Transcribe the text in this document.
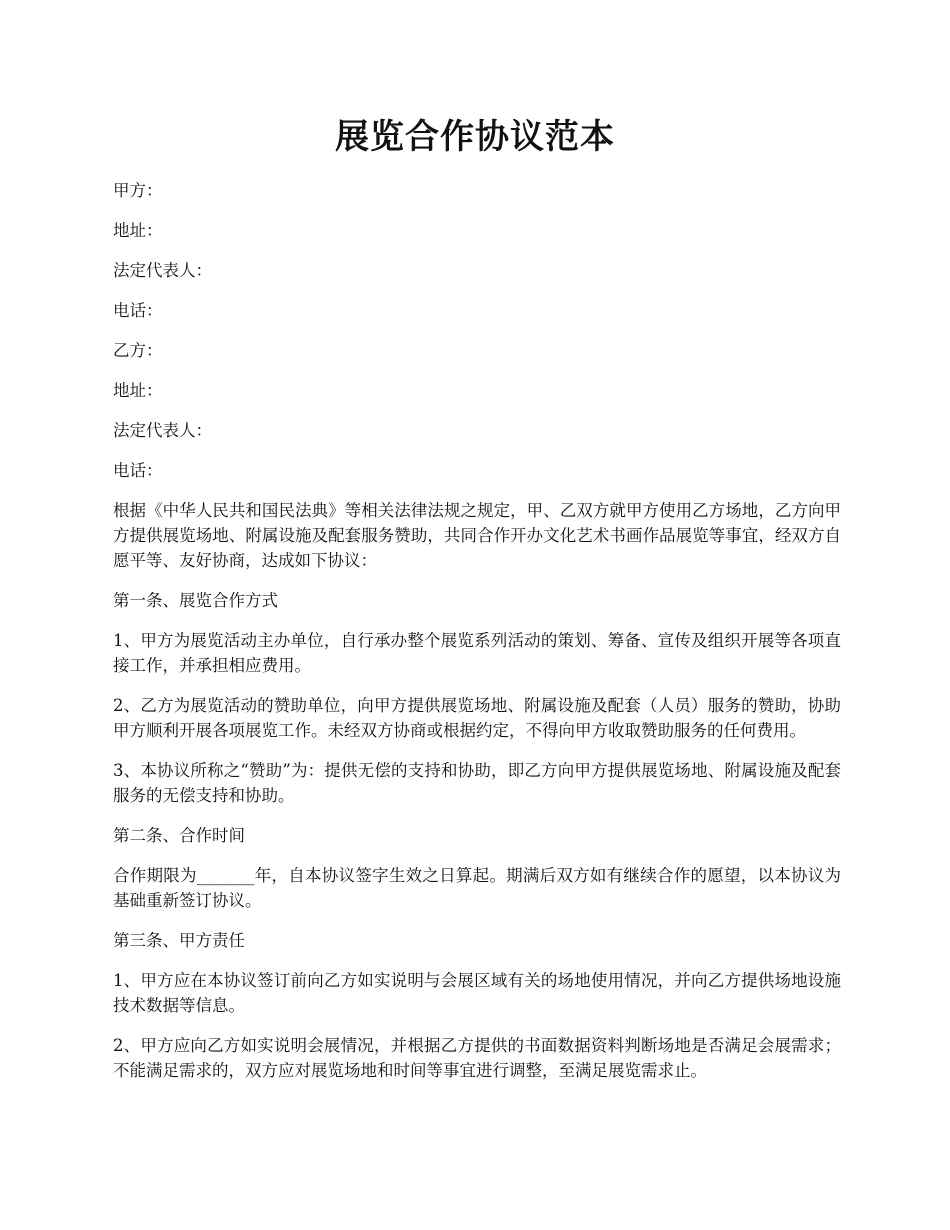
展览合作协议范本

甲方：

地址：

法定代表人：

电话：

乙方：

地址：

法定代表人：

电话：

根据《中华人民共和国民法典》等相关法律法规之规定，甲、乙双方就甲方使用乙方场地，乙方向甲方提供展览场地、附属设施及配套服务赞助，共同合作开办文化艺术书画作品展览等事宜，经双方自愿平等、友好协商，达成如下协议：

第一条、展览合作方式

1、甲方为展览活动主办单位，自行承办整个展览系列活动的策划、筹备、宣传及组织开展等各项直接工作，并承担相应费用。

2、乙方为展览活动的赞助单位，向甲方提供展览场地、附属设施及配套（人员）服务的赞助，协助甲方顺利开展各项展览工作。未经双方协商或根据约定，不得向甲方收取赞助服务的任何费用。

3、本协议所称之“赞助”为：提供无偿的支持和协助，即乙方向甲方提供展览场地、附属设施及配套服务的无偿支持和协助。

第二条、合作时间

合作期限为_______年，自本协议签字生效之日算起。期满后双方如有继续合作的愿望，以本协议为基础重新签订协议。

第三条、甲方责任

1、甲方应在本协议签订前向乙方如实说明与会展区域有关的场地使用情况，并向乙方提供场地设施技术数据等信息。

2、甲方应向乙方如实说明会展情况，并根据乙方提供的书面数据资料判断场地是否满足会展需求；不能满足需求的，双方应对展览场地和时间等事宜进行调整，至满足展览需求止。
